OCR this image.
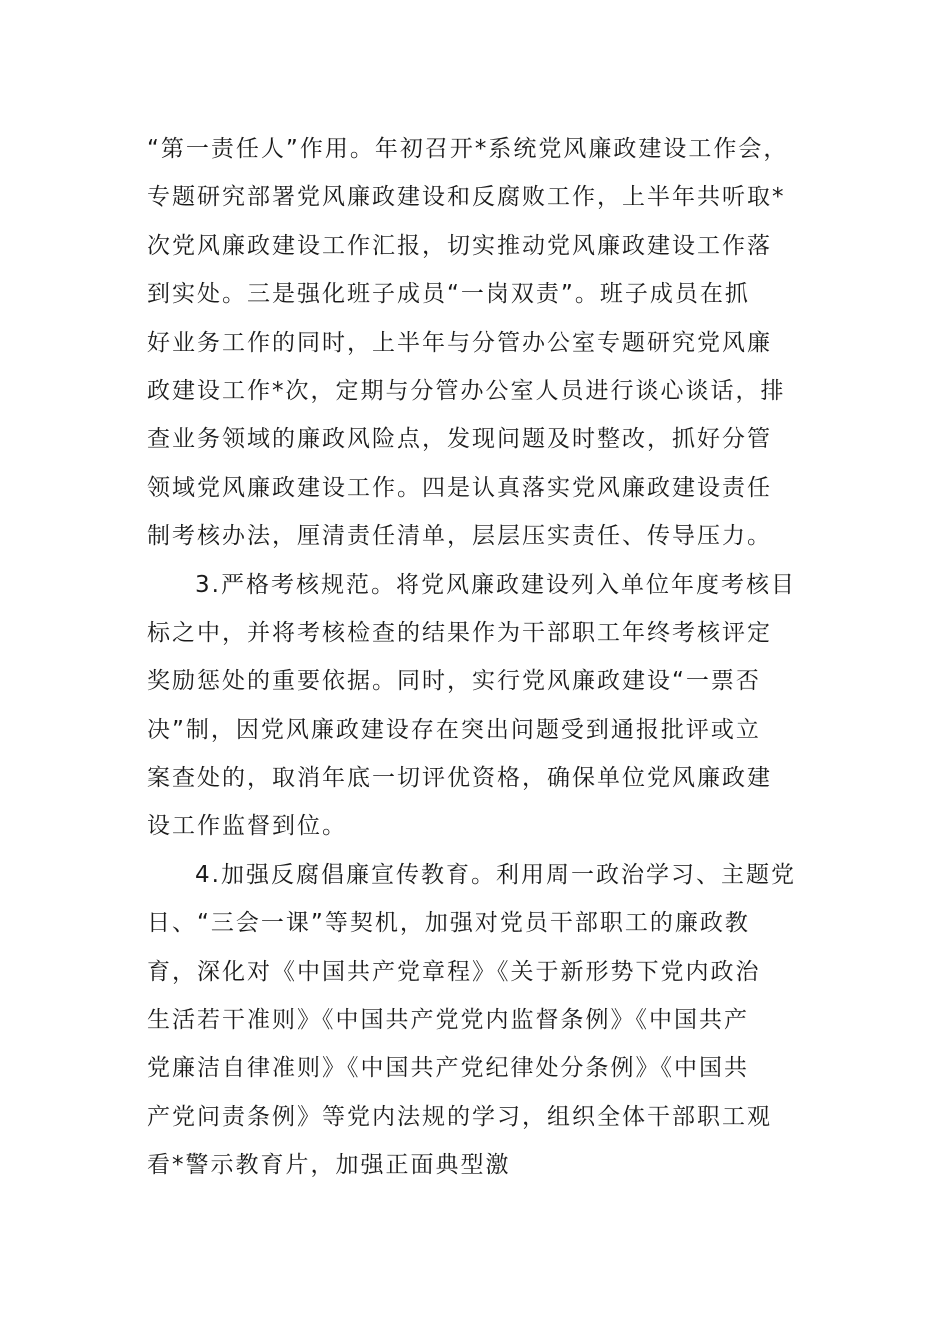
“第一责任人”作用。年初召开*系统党风廉政建设工作会，
专题研究部署党风廉政建设和反腐败工作，上半年共听取*
次党风廉政建设工作汇报，切实推动党风廉政建设工作落
到实处。三是强化班子成员“一岗双责”。班子成员在抓
好业务工作的同时，上半年与分管办公室专题研究党风廉
政建设工作*次，定期与分管办公室人员进行谈心谈话，排
查业务领域的廉政风险点，发现问题及时整改，抓好分管
领域党风廉政建设工作。四是认真落实党风廉政建设责任
制考核办法，厘清责任清单，层层压实责任、传导压力。
3.严格考核规范。将党风廉政建设列入单位年度考核目
标之中，并将考核检查的结果作为干部职工年终考核评定
奖励惩处的重要依据。同时，实行党风廉政建设“一票否
决”制，因党风廉政建设存在突出问题受到通报批评或立
案查处的，取消年底一切评优资格，确保单位党风廉政建
设工作监督到位。
4.加强反腐倡廉宣传教育。利用周一政治学习、主题党
日、“三会一课”等契机，加强对党员干部职工的廉政教
育，深化对《中国共产党章程》《关于新形势下党内政治
生活若干准则》《中国共产党党内监督条例》《中国共产
党廉洁自律准则》《中国共产党纪律处分条例》《中国共
产党问责条例》等党内法规的学习，组织全体干部职工观
看*警示教育片，加强正面典型激
